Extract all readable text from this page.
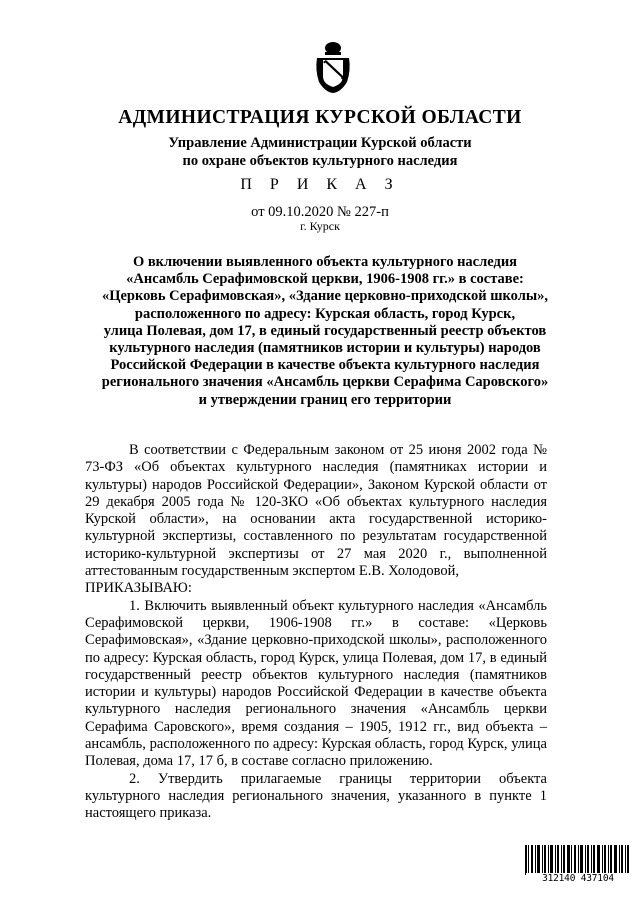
АДМИНИСТРАЦИЯ КУРСКОЙ ОБЛАСТИ
Управление Администрации Курской области
по охране объектов культурного наследия
П Р И К А З
от 09.10.2020 № 227-п
г. Курск
О включении выявленного объекта культурного наследия
«Ансамбль Серафимовской церкви, 1906-1908 гг.» в составе:
«Церковь Серафимовская», «Здание церковно-приходской школы»,
расположенного по адресу: Курская область, город Курск,
улица Полевая, дом 17, в единый государственный реестр объектов
культурного наследия (памятников истории и культуры) народов
Российской Федерации в качестве объекта культурного наследия
регионального значения «Ансамбль церкви Серафима Саровского»
и утверждении границ его территории

В соответствии с Федеральным законом от 25 июня 2002 года № 73-ФЗ «Об объектах культурного наследия (памятниках истории и культуры) народов Российской Федерации», Законом Курской области от 29 декабря 2005 года № 120-ЗКО «Об объектах культурного наследия Курской области», на основании акта государственной историко-культурной экспертизы, составленного по результатам государственной историко-культурной экспертизы от 27 мая 2020 г., выполненной аттестованным государственным экспертом Е.В. Холодовой,

ПРИКАЗЫВАЮ:

1. Включить выявленный объект культурного наследия «Ансамбль Серафимовской церкви, 1906-1908 гг.» в составе: «Церковь Серафимовская», «Здание церковно-приходской школы», расположенного по адресу: Курская область, город Курск, улица Полевая, дом 17, в единый государственный реестр объектов культурного наследия (памятников истории и культуры) народов Российской Федерации в качестве объекта культурного наследия регионального значения «Ансамбль церкви Серафима Саровского», время создания – 1905, 1912 гг., вид объекта – ансамбль, расположенного по адресу: Курская область, город Курск, улица Полевая, дома 17, 17 б, в составе согласно приложению.

2. Утвердить прилагаемые границы территории объекта культурного наследия регионального значения, указанного в пункте 1 настоящего приказа.

312140 437104
